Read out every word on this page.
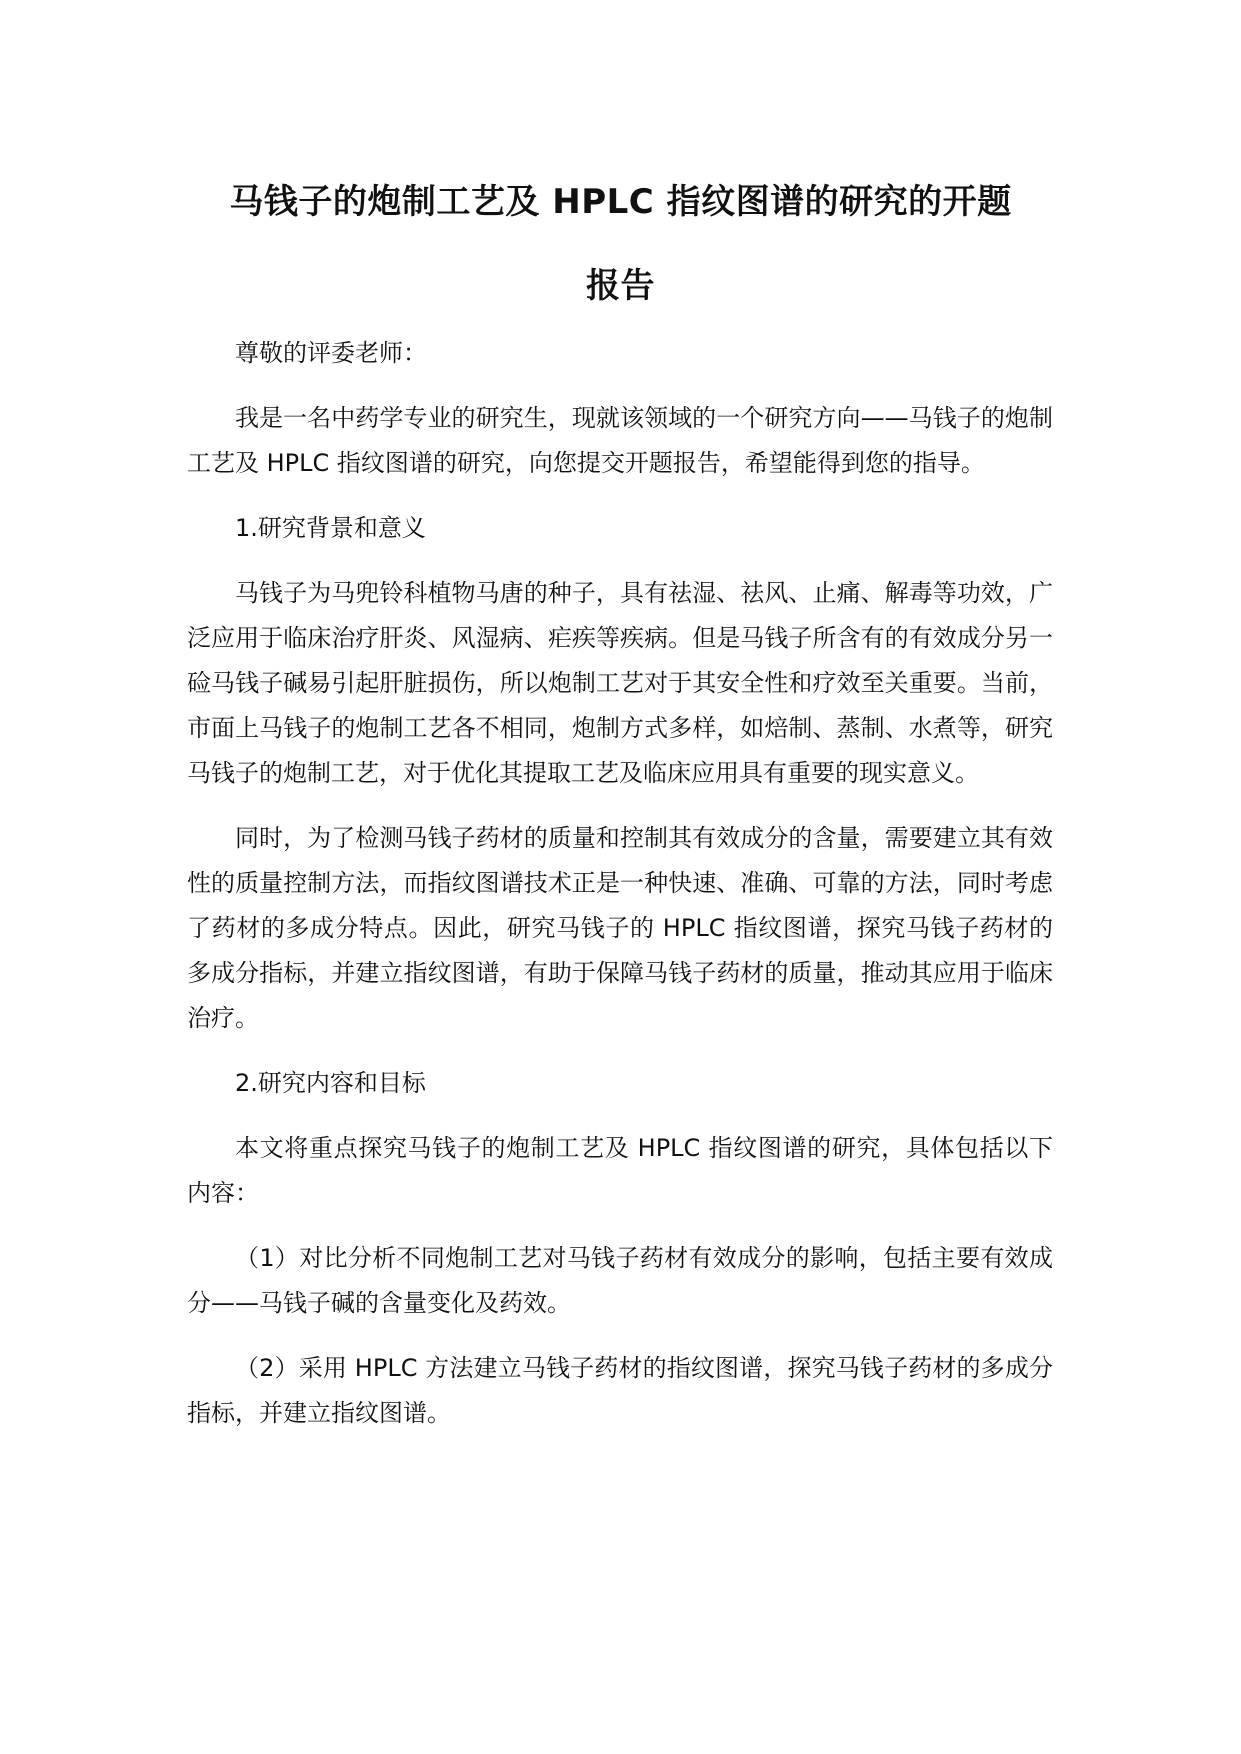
马钱子的炮制工艺及 HPLC 指纹图谱的研究的开题
报告

尊敬的评委老师：

我是一名中药学专业的研究生，现就该领域的一个研究方向——马钱子的炮制工艺及 HPLC 指纹图谱的研究，向您提交开题报告，希望能得到您的指导。

1.研究背景和意义

马钱子为马兜铃科植物马唐的种子，具有祛湿、祛风、止痛、解毒等功效，广泛应用于临床治疗肝炎、风湿病、疟疾等疾病。但是马钱子所含有的有效成分另一硷马钱子碱易引起肝脏损伤，所以炮制工艺对于其安全性和疗效至关重要。当前，市面上马钱子的炮制工艺各不相同，炮制方式多样，如焙制、蒸制、水煮等，研究马钱子的炮制工艺，对于优化其提取工艺及临床应用具有重要的现实意义。

同时，为了检测马钱子药材的质量和控制其有效成分的含量，需要建立其有效性的质量控制方法，而指纹图谱技术正是一种快速、准确、可靠的方法，同时考虑了药材的多成分特点。因此，研究马钱子的 HPLC 指纹图谱，探究马钱子药材的多成分指标，并建立指纹图谱，有助于保障马钱子药材的质量，推动其应用于临床治疗。

2.研究内容和目标

本文将重点探究马钱子的炮制工艺及 HPLC 指纹图谱的研究，具体包括以下内容：

（1）对比分析不同炮制工艺对马钱子药材有效成分的影响，包括主要有效成分——马钱子碱的含量变化及药效。

（2）采用 HPLC 方法建立马钱子药材的指纹图谱，探究马钱子药材的多成分指标，并建立指纹图谱。
